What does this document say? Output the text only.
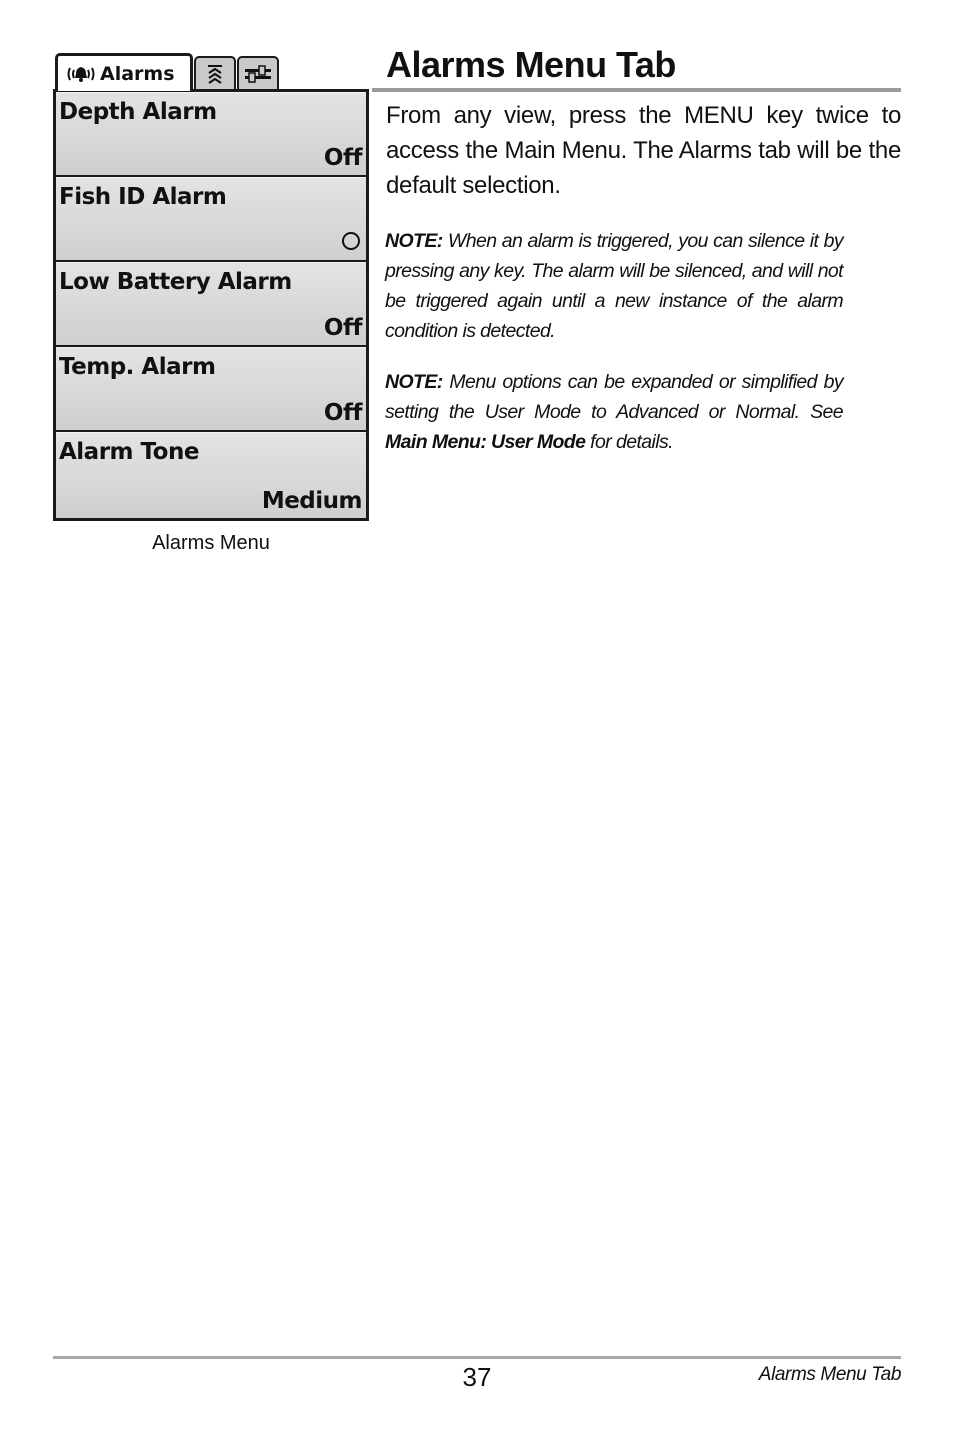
Alarms
Depth Alarm
Off
Fish ID Alarm
Low Battery Alarm
Off
Temp. Alarm
Off
Alarm Tone
Medium
Alarms Menu
Alarms Menu Tab

From any view, press the MENU key twice to access the Main Menu. The Alarms tab will be the default selection.

NOTE: When an alarm is triggered, you can silence it by pressing any key. The alarm will be silenced, and will not be triggered again until a new instance of the alarm condition is detected.

NOTE: Menu options can be expanded or simplified by setting the User Mode to Advanced or Normal. See Main Menu: User Mode for details.

37	Alarms Menu Tab
